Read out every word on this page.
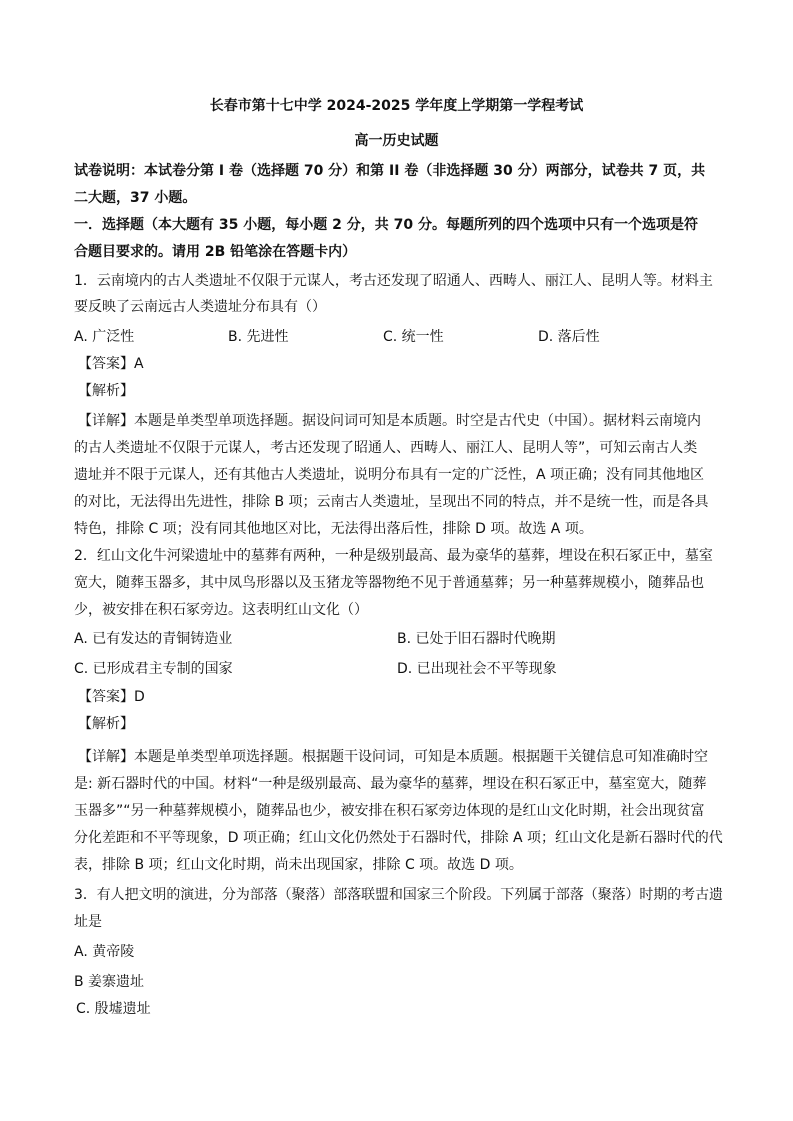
长春市第十七中学 2024-2025 学年度上学期第一学程考试
高一历史试题
试卷说明：本试卷分第 I 卷（选择题 70 分）和第 II 卷（非选择题 30 分）两部分，试卷共 7 页，共
二大题，37 小题。
一．选择题（本大题有 35 小题，每小题 2 分，共 70 分。每题所列的四个选项中只有一个选项是符
合题目要求的。请用 2B 铅笔涂在答题卡内）
1．云南境内的古人类遗址不仅限于元谋人，考古还发现了昭通人、西畴人、丽江人、昆明人等。材料主
要反映了云南远古人类遗址分布具有（）
A. 广泛性	B. 先进性	C. 统一性	D. 落后性
【答案】A
【解析】
【详解】本题是单类型单项选择题。据设问词可知是本质题。时空是古代史（中国）。据材料云南境内
的古人类遗址不仅限于元谋人，考古还发现了昭通人、西畴人、丽江人、昆明人等”，可知云南古人类
遗址并不限于元谋人，还有其他古人类遗址，说明分布具有一定的广泛性，A 项正确；没有同其他地区
的对比，无法得出先进性，排除 B 项；云南古人类遗址，呈现出不同的特点，并不是统一性，而是各具
特色，排除 C 项；没有同其他地区对比，无法得出落后性，排除 D 项。故选 A 项。
2．红山文化牛河梁遗址中的墓葬有两种，一种是级别最高、最为豪华的墓葬，埋设在积石冢正中，墓室
宽大，随葬玉器多，其中凤鸟形器以及玉猪龙等器物绝不见于普通墓葬；另一种墓葬规模小，随葬品也
少，被安排在积石冢旁边。这表明红山文化（）
A. 已有发达的青铜铸造业	B. 已处于旧石器时代晚期
C. 已形成君主专制的国家	D. 已出现社会不平等现象
【答案】D
【解析】
【详解】本题是单类型单项选择题。根据题干设问词，可知是本质题。根据题干关键信息可知准确时空
是: 新石器时代的中国。材料“一种是级别最高、最为豪华的墓葬，埋设在积石冢正中，墓室宽大，随葬
玉器多”“另一种墓葬规模小，随葬品也少，被安排在积石冢旁边体现的是红山文化时期，社会出现贫富
分化差距和不平等现象，D 项正确；红山文化仍然处于石器时代，排除 A 项；红山文化是新石器时代的代
表，排除 B 项；红山文化时期，尚未出现国家，排除 C 项。故选 D 项。
3．有人把文明的演进，分为部落（聚落）部落联盟和国家三个阶段。下列属于部落（聚落）时期的考古遗
址是
A. 黄帝陵
B 姜寨遗址
C. 殷墟遗址
